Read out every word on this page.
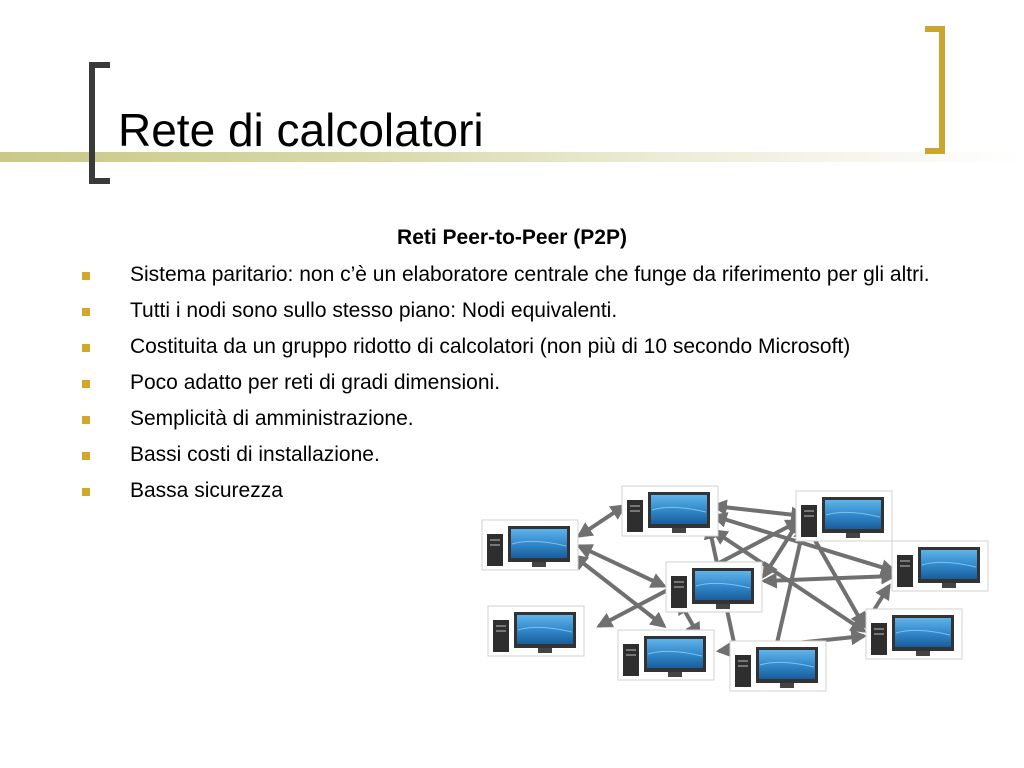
Rete di calcolatori
Reti Peer-to-Peer (P2P)
Sistema paritario: non c’è un elaboratore centrale che funge da riferimento per gli altri.
Tutti i nodi sono sullo stesso piano: Nodi equivalenti.
Costituita da un gruppo ridotto di calcolatori (non più di 10 secondo Microsoft)
Poco adatto per reti di gradi dimensioni.
Semplicità di amministrazione.
Bassi costi di installazione.
Bassa sicurezza
